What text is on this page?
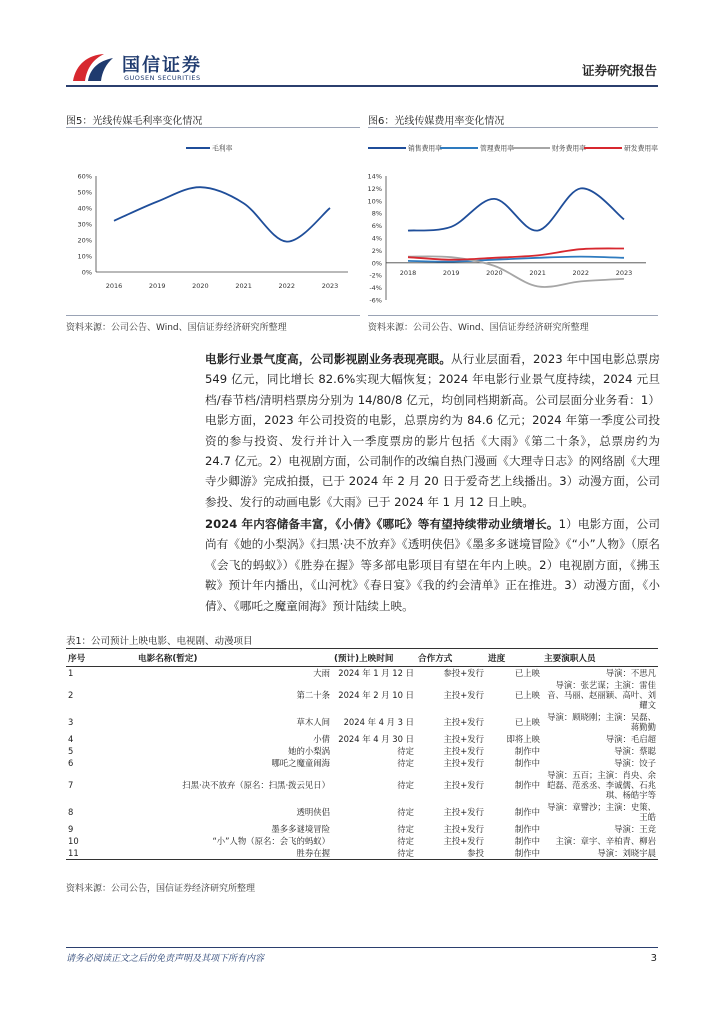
国信证券
GUOSEN SECURITIES	证券研究报告
图5：光线传媒毛利率变化情况
60%
50%
40%
30%
20%
10%
0%
2016	2019	2020	2021	2022	2023
毛利率
资料来源：公司公告、Wind、国信证券经济研究所整理
图6：光线传媒费用率变化情况
14%
12%
10%
8%
6%
4%
2%
0%
-2%
-4%
-6%
2018	2019	2020	2021	2022	2023
销售费用率	管理费用率	财务费用率	研发费用率
资料来源：公司公告、Wind、国信证券经济研究所整理
电影行业景气度高，公司影视剧业务表现亮眼。从行业层面看，2023 年中国电影总票房 549 亿元，同比增长 82.6%实现大幅恢复；2024 年电影行业景气度持续，2024 元旦档/春节档/清明档票房分别为 14/80/8 亿元，均创同档期新高。公司层面分业务看：1）电影方面，2023 年公司投资的电影，总票房约为 84.6 亿元；2024 年第一季度公司投资的参与投资、发行并计入一季度票房的影片包括《大雨》《第二十条》，总票房约为 24.7 亿元。2）电视剧方面，公司制作的改编自热门漫画《大理寺日志》的网络剧《大理寺少卿游》完成拍摄，已于 2024 年 2 月 20 日于爱奇艺上线播出。3）动漫方面，公司参投、发行的动画电影《大雨》已于 2024 年 1 月 12 日上映。
2024 年内容储备丰富，《小倩》《哪吒》等有望持续带动业绩增长。1）电影方面，公司尚有《她的小梨涡》《扫黑·决不放弃》《透明侠侣》《墨多多谜境冒险》《“小”人物》（原名《会飞的蚂蚁》）《胜券在握》等多部电影项目有望在年内上映。2）电视剧方面，《拂玉鞍》预计年内播出，《山河枕》《春日宴》《我的约会清单》正在推进。3）动漫方面，《小倩》、《哪吒之魔童闹海》预计陆续上映。
表1：公司预计上映电影、电视剧、动漫项目
序号	电影名称(暂定)	(预计)上映时间	合作方式	进度	主要演职人员
1	大雨	2024 年 1 月 12 日	参投+发行	已上映	导演：不思凡
2	第二十条	2024 年 2 月 10 日	主投+发行	已上映	导演：张艺谋；主演：雷佳音、马丽、赵丽颖、高叶、刘耀文
3	草木人间	2024 年 4 月 3 日	主投+发行	已上映	导演：顾晓刚；主演：吴磊、蒋勤勤
4	小倩	2024 年 4 月 30 日	主投+发行	即将上映	导演：毛启超
5	她的小梨涡	待定	主投+发行	制作中	导演：蔡聪
6	哪吒之魔童闹海	待定	主投+发行	制作中	导演：饺子
7	扫黑·决不放弃（原名：扫黑·拨云见日）	待定	主投+发行	制作中	导演：五百；主演：肖央、余皑磊、范丞丞、李诚儒、石兆琪、杨皓宇等
8	透明侠侣	待定	主投+发行	制作中	导演：章譬沙；主演：史策、王皓
9	墨多多谜境冒险	待定	主投+发行	制作中	导演：王竞
10	“小”人物（原名：会飞的蚂蚁）	待定	主投+发行	制作中	主演：章宇、辛柏青、柳岩
11	胜券在握	待定	参投	制作中	导演：刘晓宇晨
资料来源：公司公告，国信证券经济研究所整理
请务必阅读正文之后的免责声明及其项下所有内容	3
